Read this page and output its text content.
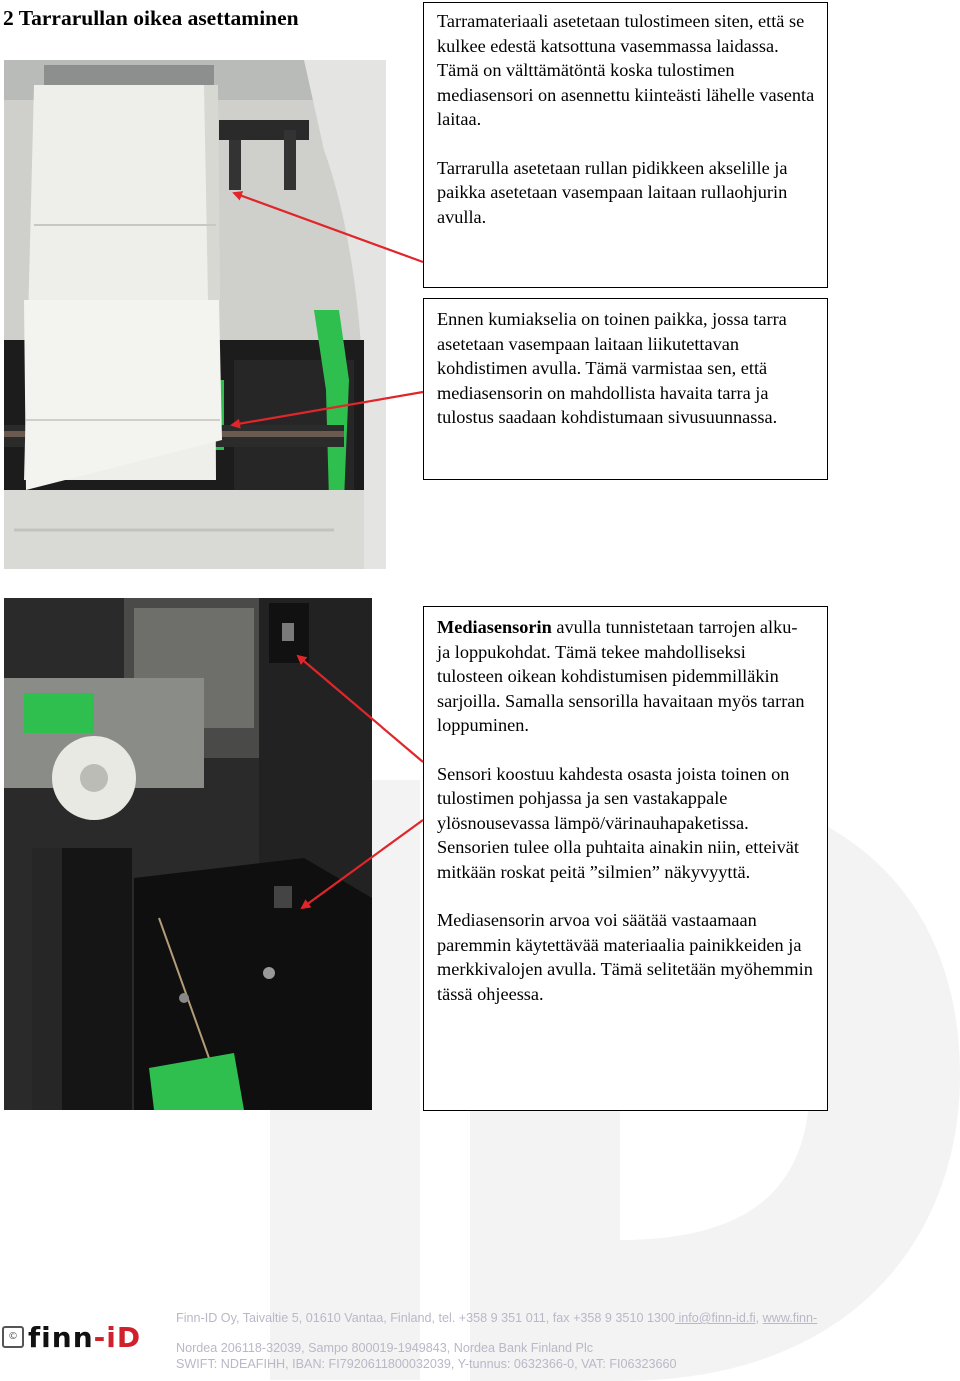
2 Tarrarullan oikea asettaminen	Tarramateriaali asetetaan tulostimeen siten, että se kulkee edestä katsottuna vasemmassa laidassa. Tämä on välttämätöntä koska tulostimen mediasensori on asennettu kiinteästi lähelle vasenta laitaa.

Tarrarulla asetetaan rullan pidikkeen akselille ja paikka asetetaan vasempaan laitaan rullaohjurin avulla.

Ennen kumiakselia on toinen paikka, jossa tarra asetetaan vasempaan laitaan liikutettavan kohdistimen avulla. Tämä varmistaa sen, että mediasensorin on mahdollista havaita tarra ja tulostus saadaan kohdistumaan sivusuunnassa.

Mediasensorin avulla tunnistetaan tarrojen alku- ja loppukohdat. Tämä tekee mahdolliseksi tulosteen oikean kohdistumisen pidemmilläkin sarjoilla. Samalla sensorilla havaitaan myös tarran loppuminen.

Sensori koostuu kahdesta osasta joista toinen on tulostimen pohjassa ja sen vastakappale ylösnousevassa lämpö/värinauhapaketissa. Sensorien tulee olla puhtaita ainakin niin, etteivät mitkään roskat peitä ”silmien” näkyvyyttä.

Mediasensorin arvoa voi säätää vastaamaan paremmin käytettävää materiaalia painikkeiden ja merkkivalojen avulla. Tämä selitetään myöhemmin tässä ohjeessa.

© finn-iD
Finn-ID Oy, Taivaltie 5, 01610 Vantaa, Finland, tel. +358 9 351 011, fax +358 9 3510 1300 info@finn-id.fi, www.finn-
Nordea 206118-32039, Sampo 800019-1949843, Nordea Bank Finland Plc
SWIFT: NDEAFIHH, IBAN: FI7920611800032039, Y-tunnus: 0632366-0, VAT: FI06323660
